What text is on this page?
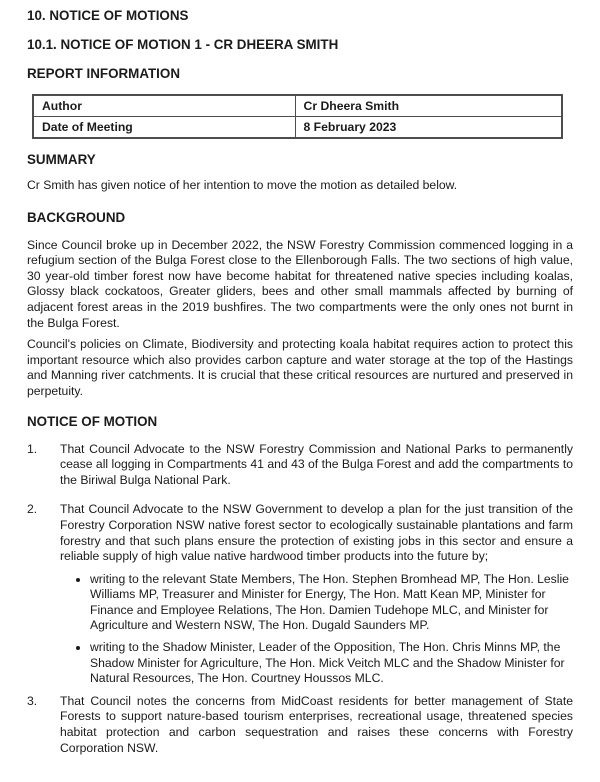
10. NOTICE OF MOTIONS
10.1. NOTICE OF MOTION 1 - CR DHEERA SMITH
REPORT INFORMATION
Author	Cr Dheera Smith
Date of Meeting	8 February 2023
SUMMARY

Cr Smith has given notice of her intention to move the motion as detailed below.

BACKGROUND

Since Council broke up in December 2022, the NSW Forestry Commission commenced logging in a refugium section of the Bulga Forest close to the Ellenborough Falls. The two sections of high value, 30 year-old timber forest now have become habitat for threatened native species including koalas, Glossy black cockatoos, Greater gliders, bees and other small mammals affected by burning of adjacent forest areas in the 2019 bushfires. The two compartments were the only ones not burnt in the Bulga Forest.

Council's policies on Climate, Biodiversity and protecting koala habitat requires action to protect this important resource which also provides carbon capture and water storage at the top of the Hastings and Manning river catchments. It is crucial that these critical resources are nurtured and preserved in perpetuity.

NOTICE OF MOTION
1.	That Council Advocate to the NSW Forestry Commission and National Parks to permanently cease all logging in Compartments 41 and 43 of the Bulga Forest and add the compartments to the Biriwal Bulga National Park.
2.	That Council Advocate to the NSW Government to develop a plan for the just transition of the Forestry Corporation NSW native forest sector to ecologically sustainable plantations and farm forestry and that such plans ensure the protection of existing jobs in this sector and ensure a reliable supply of high value native hardwood timber products into the future by;
writing to the relevant State Members, The Hon. Stephen Bromhead MP, The Hon. Leslie Williams MP, Treasurer and Minister for Energy, The Hon. Matt Kean MP, Minister for Finance and Employee Relations, The Hon. Damien Tudehope MLC, and Minister for Agriculture and Western NSW, The Hon. Dugald Saunders MP.
writing to the Shadow Minister, Leader of the Opposition, The Hon. Chris Minns MP, the Shadow Minister for Agriculture, The Hon. Mick Veitch MLC and the Shadow Minister for Natural Resources, The Hon. Courtney Houssos MLC.
3.	That Council notes the concerns from MidCoast residents for better management of State Forests to support nature-based tourism enterprises, recreational usage, threatened species habitat protection and carbon sequestration and raises these concerns with Forestry Corporation NSW.
